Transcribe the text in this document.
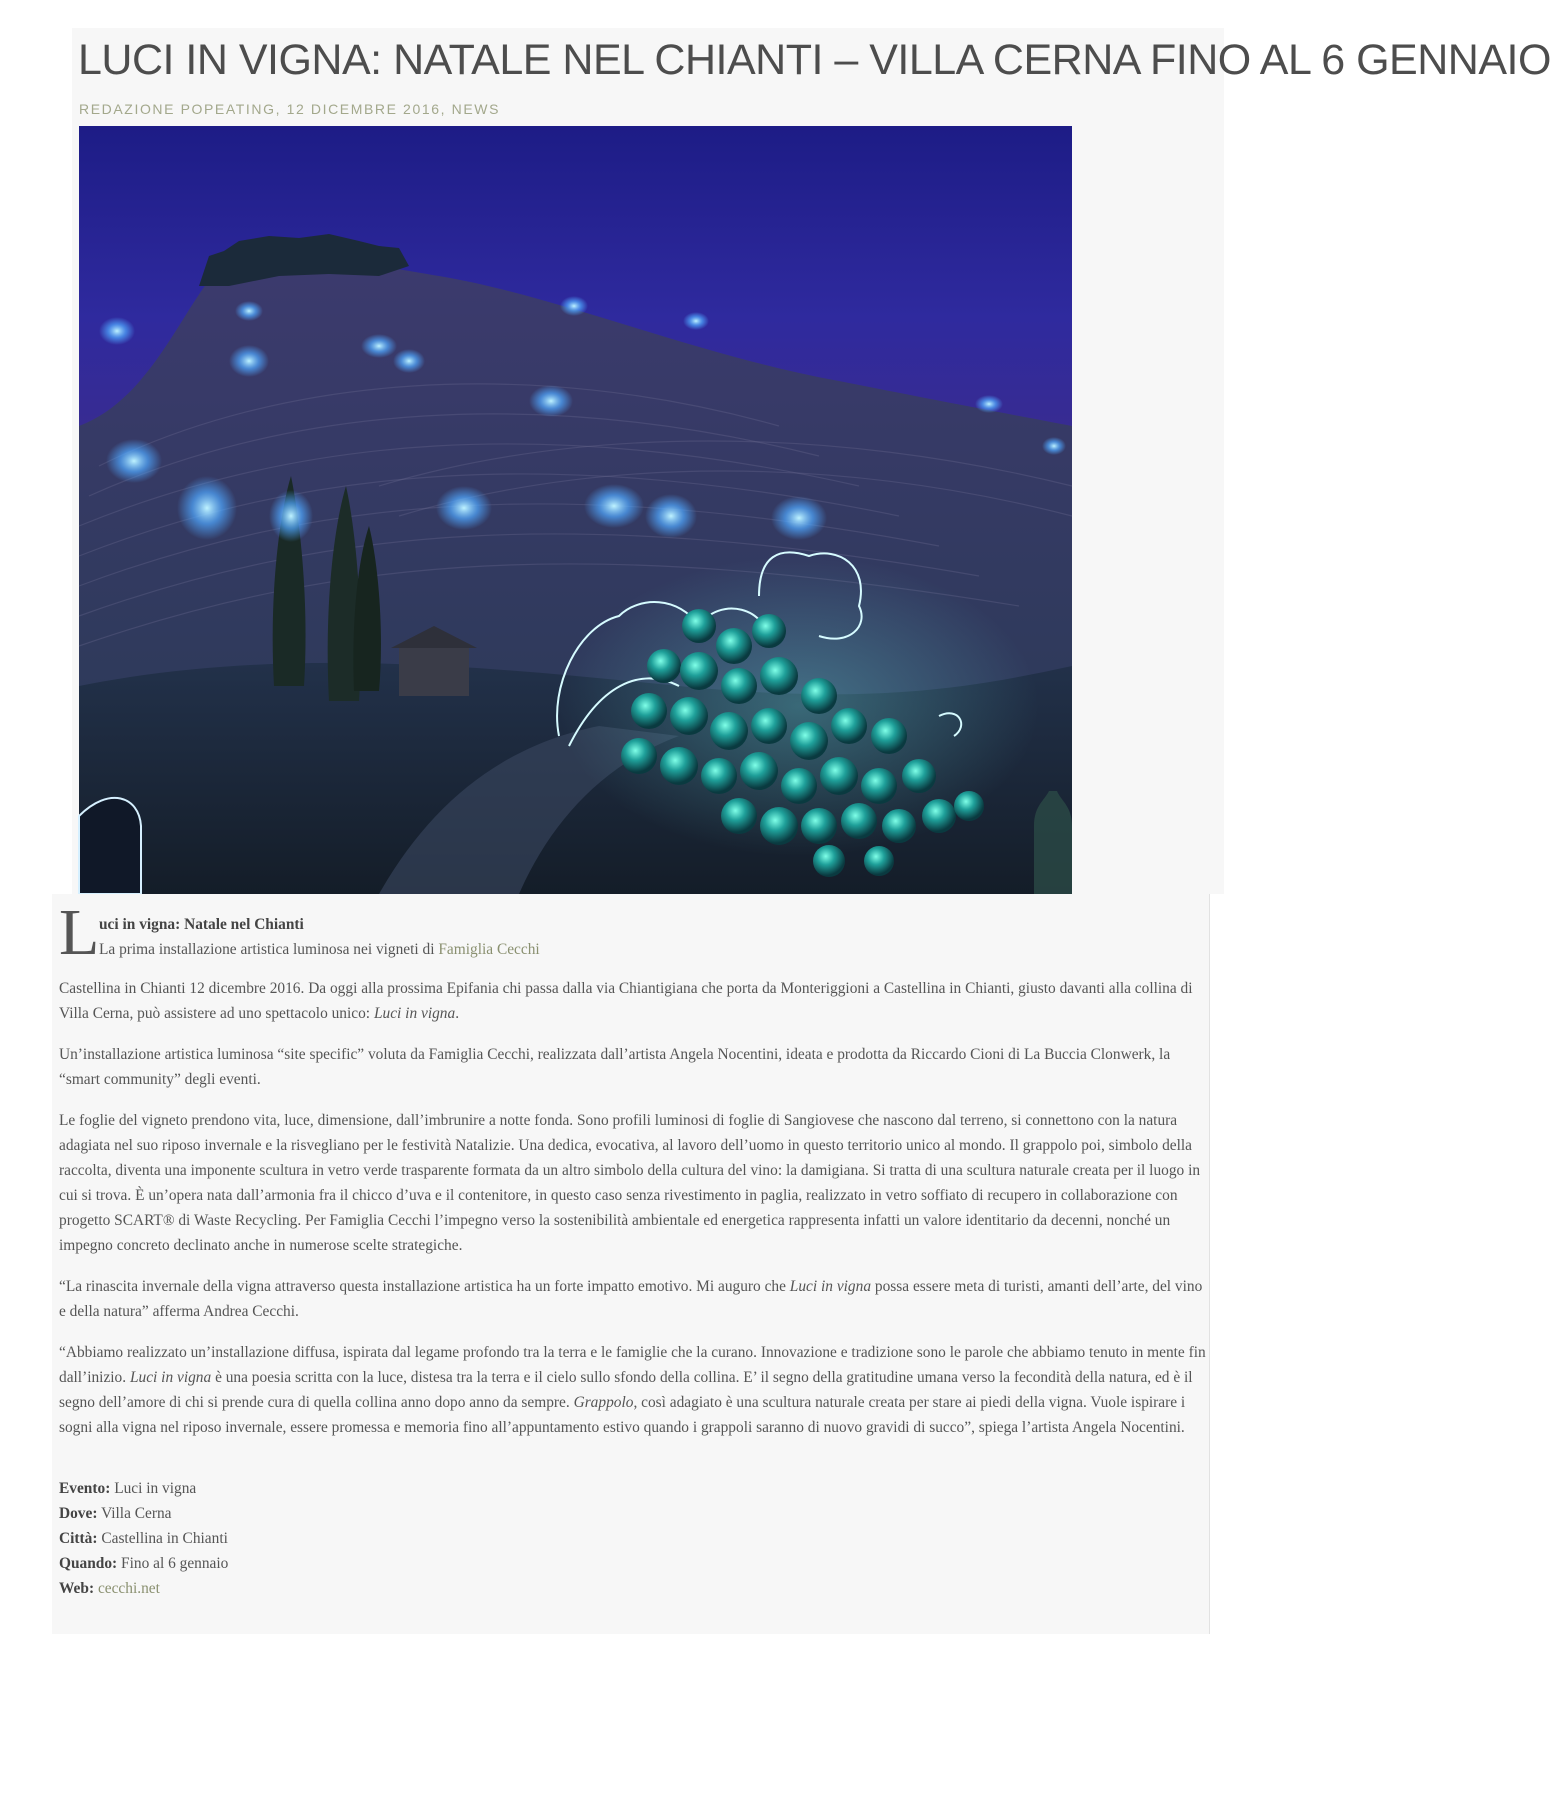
LUCI IN VIGNA: NATALE NEL CHIANTI – VILLA CERNA FINO AL 6 GENNAIO
REDAZIONE POPEATING, 12 DICEMBRE 2016, NEWS

L uci in vigna: Natale nel Chianti
La prima installazione artistica luminosa nei vigneti di Famiglia Cecchi

Castellina in Chianti 12 dicembre 2016. Da oggi alla prossima Epifania chi passa dalla via Chiantigiana che porta da Monteriggioni a Castellina in Chianti, giusto davanti alla collina di Villa Cerna, può assistere ad uno spettacolo unico: Luci in vigna.

Un’installazione artistica luminosa “site specific” voluta da Famiglia Cecchi, realizzata dall’artista Angela Nocentini, ideata e prodotta da Riccardo Cioni di La Buccia Clonwerk, la “smart community” degli eventi.

Le foglie del vigneto prendono vita, luce, dimensione, dall’imbrunire a notte fonda. Sono profili luminosi di foglie di Sangiovese che nascono dal terreno, si connettono con la natura adagiata nel suo riposo invernale e la risvegliano per le festività Natalizie. Una dedica, evocativa, al lavoro dell’uomo in questo territorio unico al mondo. Il grappolo poi, simbolo della raccolta, diventa una imponente scultura in vetro verde trasparente formata da un altro simbolo della cultura del vino: la damigiana. Si tratta di una scultura naturale creata per il luogo in cui si trova. È un’opera nata dall’armonia fra il chicco d’uva e il contenitore, in questo caso senza rivestimento in paglia, realizzato in vetro soffiato di recupero in collaborazione con progetto SCART® di Waste Recycling. Per Famiglia Cecchi l’impegno verso la sostenibilità ambientale ed energetica rappresenta infatti un valore identitario da decenni, nonché un impegno concreto declinato anche in numerose scelte strategiche.

“La rinascita invernale della vigna attraverso questa installazione artistica ha un forte impatto emotivo. Mi auguro che Luci in vigna possa essere meta di turisti, amanti dell’arte, del vino e della natura” afferma Andrea Cecchi.

“Abbiamo realizzato un’installazione diffusa, ispirata dal legame profondo tra la terra e le famiglie che la curano. Innovazione e tradizione sono le parole che abbiamo tenuto in mente fin dall’inizio. Luci in vigna è una poesia scritta con la luce, distesa tra la terra e il cielo sullo sfondo della collina. E’ il segno della gratitudine umana verso la fecondità della natura, ed è il segno dell’amore di chi si prende cura di quella collina anno dopo anno da sempre. Grappolo, così adagiato è una scultura naturale creata per stare ai piedi della vigna. Vuole ispirare i sogni alla vigna nel riposo invernale, essere promessa e memoria fino all’appuntamento estivo quando i grappoli saranno di nuovo gravidi di succo”, spiega l’artista Angela Nocentini.

Evento: Luci in vigna
Dove: Villa Cerna
Città: Castellina in Chianti
Quando: Fino al 6 gennaio
Web: cecchi.net
